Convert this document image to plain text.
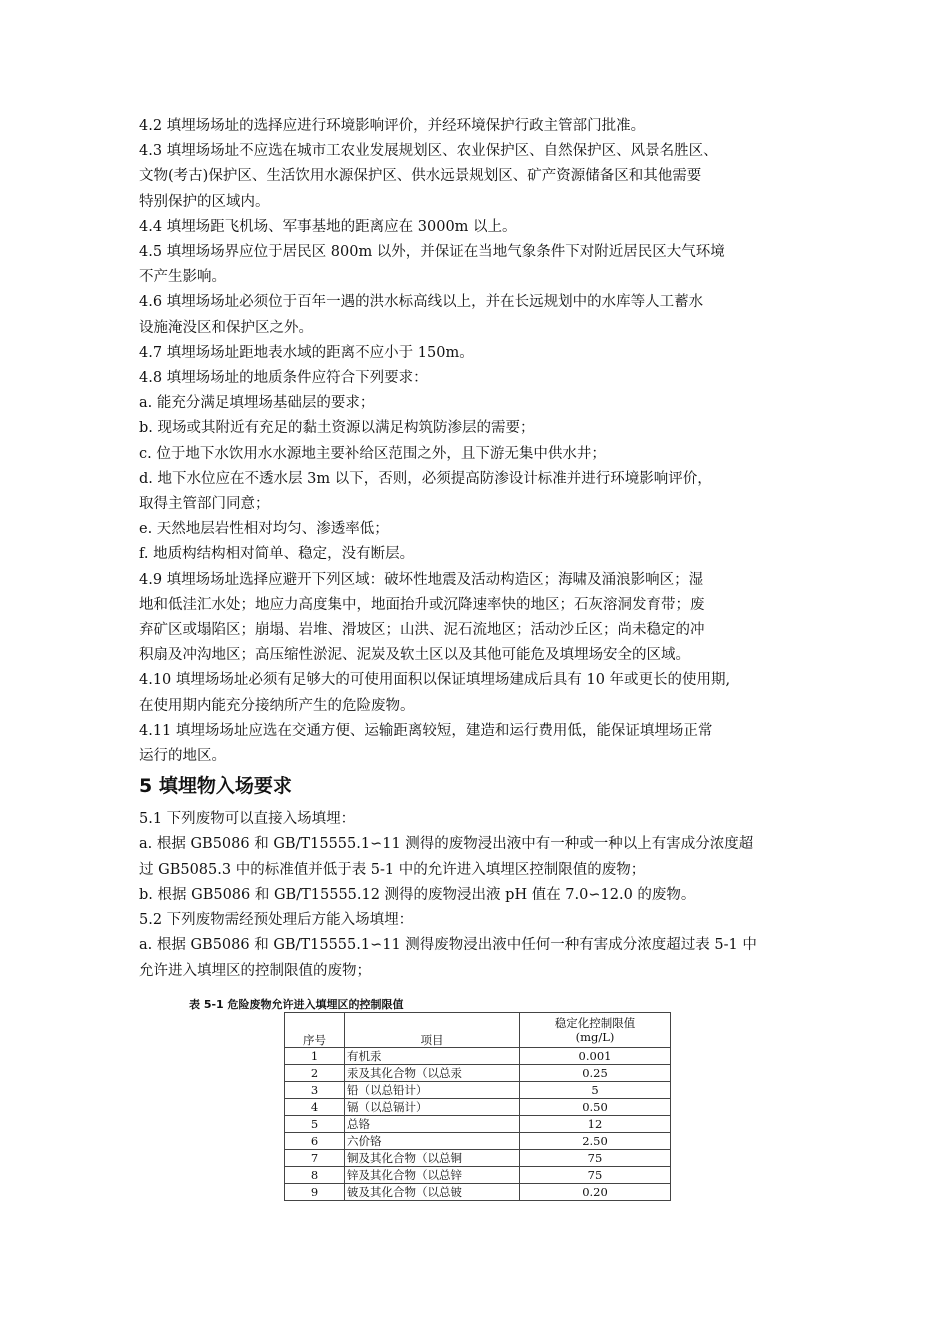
4.2 填埋场场址的选择应进行环境影响评价，并经环境保护行政主管部门批准。
4.3 填埋场场址不应选在城市工农业发展规划区、农业保护区、自然保护区、风景名胜区、
文物(考古)保护区、生活饮用水源保护区、供水远景规划区、矿产资源储备区和其他需要
特别保护的区域内。
4.4 填埋场距飞机场、军事基地的距离应在 3000m 以上。
4.5 填埋场场界应位于居民区 800m 以外，并保证在当地气象条件下对附近居民区大气环境
不产生影响。
4.6 填埋场场址必须位于百年一遇的洪水标高线以上，并在长远规划中的水库等人工蓄水
设施淹没区和保护区之外。
4.7 填埋场场址距地表水域的距离不应小于 150m。
4.8 填埋场场址的地质条件应符合下列要求：
a. 能充分满足填埋场基础层的要求；
b. 现场或其附近有充足的黏土资源以满足构筑防渗层的需要；
c. 位于地下水饮用水水源地主要补给区范围之外，且下游无集中供水井；
d. 地下水位应在不透水层 3m 以下，否则，必须提高防渗设计标准并进行环境影响评价，
取得主管部门同意；
e. 天然地层岩性相对均匀、渗透率低；
f. 地质构结构相对简单、稳定，没有断层。
4.9 填埋场场址选择应避开下列区域：破坏性地震及活动构造区；海啸及涌浪影响区；湿
地和低洼汇水处；地应力高度集中，地面抬升或沉降速率快的地区；石灰溶洞发育带；废
弃矿区或塌陷区；崩塌、岩堆、滑坡区；山洪、泥石流地区；活动沙丘区；尚未稳定的冲
积扇及冲沟地区；高压缩性淤泥、泥炭及软土区以及其他可能危及填埋场安全的区域。
4.10 填埋场场址必须有足够大的可使用面积以保证填埋场建成后具有 10 年或更长的使用期,
在使用期内能充分接纳所产生的危险废物。
4.11 填埋场场址应选在交通方便、运输距离较短，建造和运行费用低，能保证填埋场正常
运行的地区。
5 填埋物入场要求
5.1 下列废物可以直接入场填埋：
a. 根据 GB5086 和 GB/T15555.1∽11 测得的废物浸出液中有一种或一种以上有害成分浓度超
过 GB5085.3 中的标准值并低于表 5-1 中的允许进入填埋区控制限值的废物；
b. 根据 GB5086 和 GB/T15555.12 测得的废物浸出液 pH 值在 7.0∽12.0 的废物。
5.2 下列废物需经预处理后方能入场填埋：
a. 根据 GB5086 和 GB/T15555.1∽11 测得废物浸出液中任何一种有害成分浓度超过表 5-1 中
允许进入填埋区的控制限值的废物；
表 5-1 危险废物允许进入填埋区的控制限值
序号	项目	稳定化控制限值
(mg/L)

1	有机汞	0.001
2	汞及其化合物（以总汞	0.25
3	铅（以总铅计）	5
4	镉（以总镉计）	0.50
5	总铬	12
6	六价铬	2.50
7	铜及其化合物（以总铜	75
8	锌及其化合物（以总锌	75
9	铍及其化合物（以总铍	0.20
